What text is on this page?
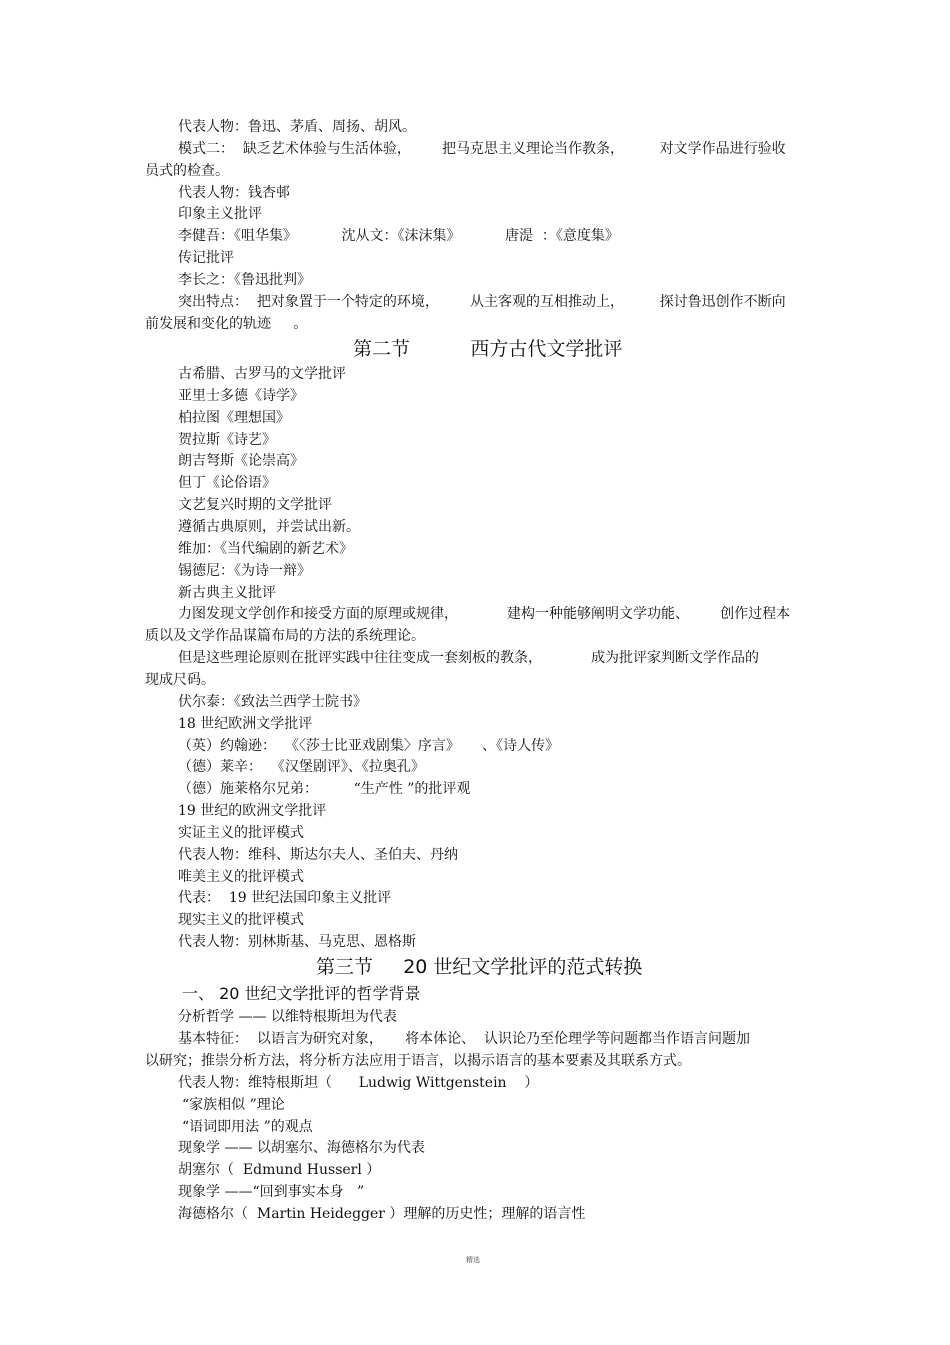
代表人物：鲁迅、茅盾、周扬、胡风。
模式二：  缺乏艺术体验与生活体验，       把马克思主义理论当作教条，        对文学作品进行验收
员式的检查。
代表人物：钱杏邨
印象主义批评
李健吾：《咀华集》          沈从文：《沫沫集》          唐湜  ：《意度集》
传记批评
李长之：《鲁迅批判》
突出特点：  把对象置于一个特定的环境，       从主客观的互相推动上，        探讨鲁迅创作不断向
前发展和变化的轨迹     。
第二节          西方古代文学批评
古希腊、古罗马的文学批评
亚里士多德《诗学》
柏拉图《理想国》
贺拉斯《诗艺》
朗吉弩斯《论崇高》
但丁《论俗语》
文艺复兴时期的文学批评
遵循古典原则，并尝试出新。
维加：《当代编剧的新艺术》
锡德尼：《为诗一辩》
新古典主义批评
力图发现文学创作和接受方面的原理或规律，           建构一种能够阐明文学功能、       创作过程本
质以及文学作品谋篇布局的方法的系统理论。
但是这些理论原则在批评实践中往往变成一套刻板的教条，           成为批评家判断文学作品的
现成尺码。
伏尔泰：《致法兰西学士院书》
18 世纪欧洲文学批评
（英）约翰逊：  《〈莎士比亚戏剧集〉序言》     、《诗人传》
（德）莱辛：  《汉堡剧评》、《拉奥孔》
（德）施莱格尔兄弟：        “生产性 ”的批评观
19 世纪的欧洲文学批评
实证主义的批评模式
代表人物：维科、斯达尔夫人、圣伯夫、丹纳
唯美主义的批评模式
代表：  19 世纪法国印象主义批评
现实主义的批评模式
代表人物：别林斯基、马克思、恩格斯
第三节     20 世纪文学批评的范式转换
一、 20 世纪文学批评的哲学背景
分析哲学 —— 以维特根斯坦为代表
基本特征：  以语言为研究对象，     将本体论、  认识论乃至伦理学等问题都当作语言问题加
以研究；推崇分析方法，将分析方法应用于语言，以揭示语言的基本要素及其联系方式。
代表人物：维特根斯坦（      Ludwig Wittgenstein    ）
“家族相似 ”理论
“语词即用法 ”的观点
现象学 —— 以胡塞尔、海德格尔为代表
胡塞尔（  Edmund Husserl ）
现象学 ——“回到事实本身   ”
海德格尔（  Martin Heidegger ）理解的历史性；理解的语言性
精选
